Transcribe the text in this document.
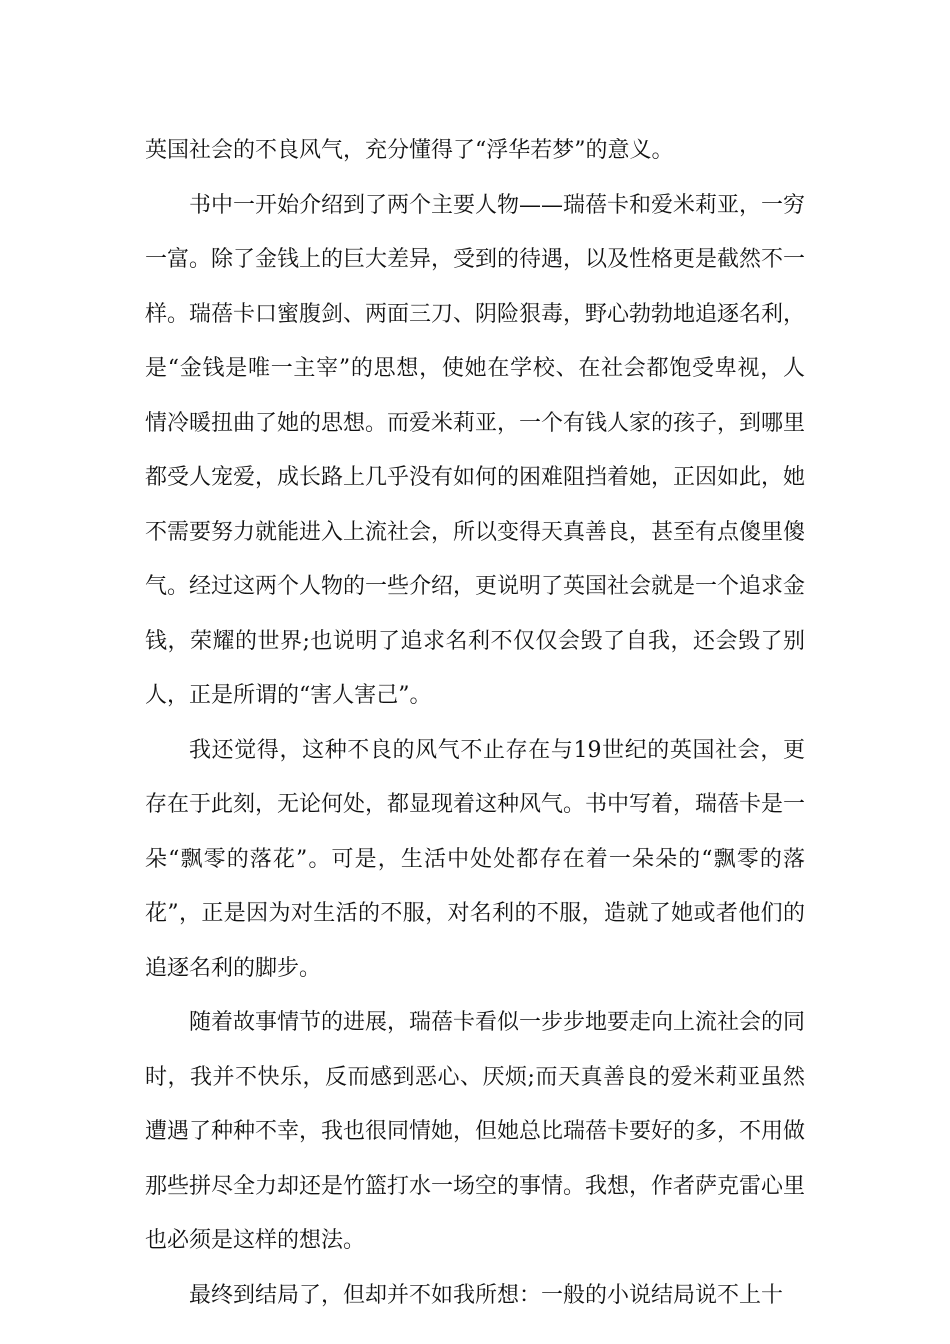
英国社会的不良风气，充分懂得了“浮华若梦”的意义。

书中一开始介绍到了两个主要人物——瑞蓓卡和爱米莉亚，一穷一富。除了金钱上的巨大差异，受到的待遇，以及性格更是截然不一样。瑞蓓卡口蜜腹剑、两面三刀、阴险狠毒，野心勃勃地追逐名利，是“金钱是唯一主宰”的思想，使她在学校、在社会都饱受卑视，人情冷暖扭曲了她的思想。而爱米莉亚，一个有钱人家的孩子，到哪里都受人宠爱，成长路上几乎没有如何的困难阻挡着她，正因如此，她不需要努力就能进入上流社会，所以变得天真善良，甚至有点傻里傻气。经过这两个人物的一些介绍，更说明了英国社会就是一个追求金钱，荣耀的世界;也说明了追求名利不仅仅会毁了自我，还会毁了别人，正是所谓的“害人害己”。

我还觉得，这种不良的风气不止存在与19世纪的英国社会，更存在于此刻，无论何处，都显现着这种风气。书中写着，瑞蓓卡是一朵“飘零的落花”。可是，生活中处处都存在着一朵朵的“飘零的落花”，正是因为对生活的不服，对名利的不服，造就了她或者他们的追逐名利的脚步。

随着故事情节的进展，瑞蓓卡看似一步步地要走向上流社会的同时，我并不快乐，反而感到恶心、厌烦;而天真善良的爱米莉亚虽然遭遇了种种不幸，我也很同情她，但她总比瑞蓓卡要好的多，不用做那些拼尽全力却还是竹篮打水一场空的事情。我想，作者萨克雷心里也必须是这样的想法。

最终到结局了，但却并不如我所想：一般的小说结局说不上十
